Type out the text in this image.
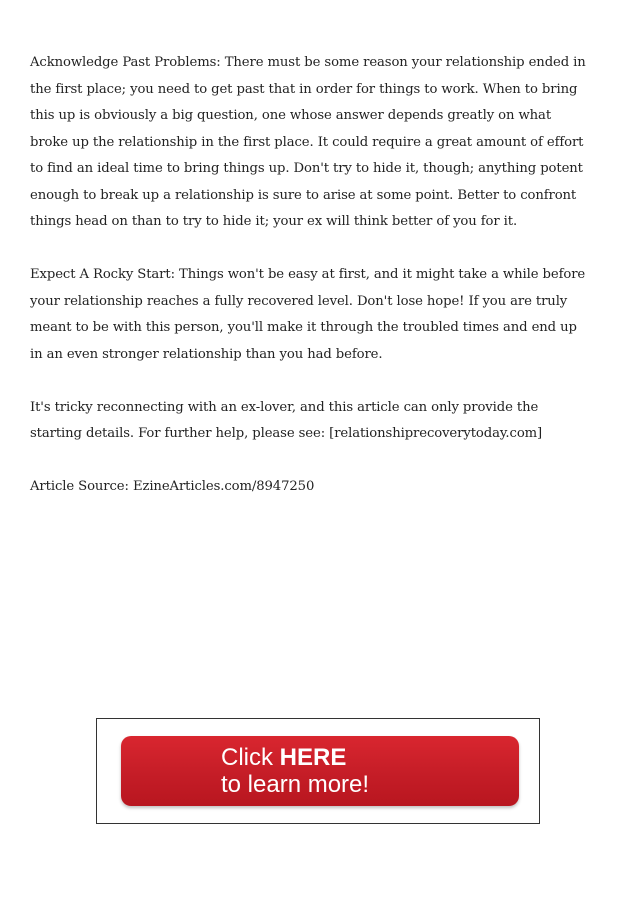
Acknowledge Past Problems: There must be some reason your relationship ended in the first place; you need to get past that in order for things to work. When to bring this up is obviously a big question, one whose answer depends greatly on what broke up the relationship in the first place. It could require a great amount of effort to find an ideal time to bring things up. Don't try to hide it, though; anything potent enough to break up a relationship is sure to arise at some point. Better to confront things head on than to try to hide it; your ex will think better of you for it.

Expect A Rocky Start: Things won't be easy at first, and it might take a while before your relationship reaches a fully recovered level. Don't lose hope! If you are truly meant to be with this person, you'll make it through the troubled times and end up in an even stronger relationship than you had before.

It's tricky reconnecting with an ex-lover, and this article can only provide the starting details. For further help, please see: [relationshiprecoverytoday.com]

Article Source: EzineArticles.com/8947250

Click HERE
to learn more!
